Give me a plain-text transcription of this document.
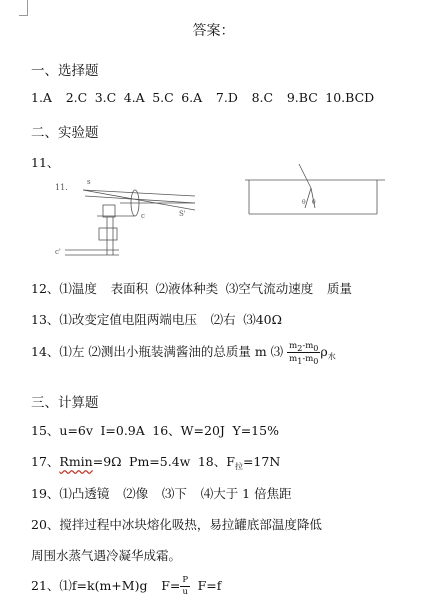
答案：
一、选择题
1.A 2.C 3.C 4.A 5.C 6.A 7.D 8.C 9.BC 10.BCD
二、实验题
11、
11.
s
c	S'
c'
θ θ
12、⑴温度 表面积 ⑵液体种类 ⑶空气流动速度 质量
13、⑴改变定值电阻两端电压 ⑵右 ⑶40Ω
14、⑴左 ⑵测出小瓶装满酱油的总质量 m ⑶ $\frac{m2-m0}{m1-m0} \rho_水$
三、计算题
15、u=6v I=0.9A 16、W=20J Y=15%
17、Rmin=9Ω Pm=5.4w 18、$F_拉=17N$
19、⑴凸透镜 ⑵像 ⑶下 ⑷大于 1 倍焦距
20、搅拌过程中冰块熔化吸热，易拉罐底部温度降低
周围水蒸气遇冷凝华成霜。
21、⑴f=k(m+M)g $F= \frac{P}{u} F=f$
